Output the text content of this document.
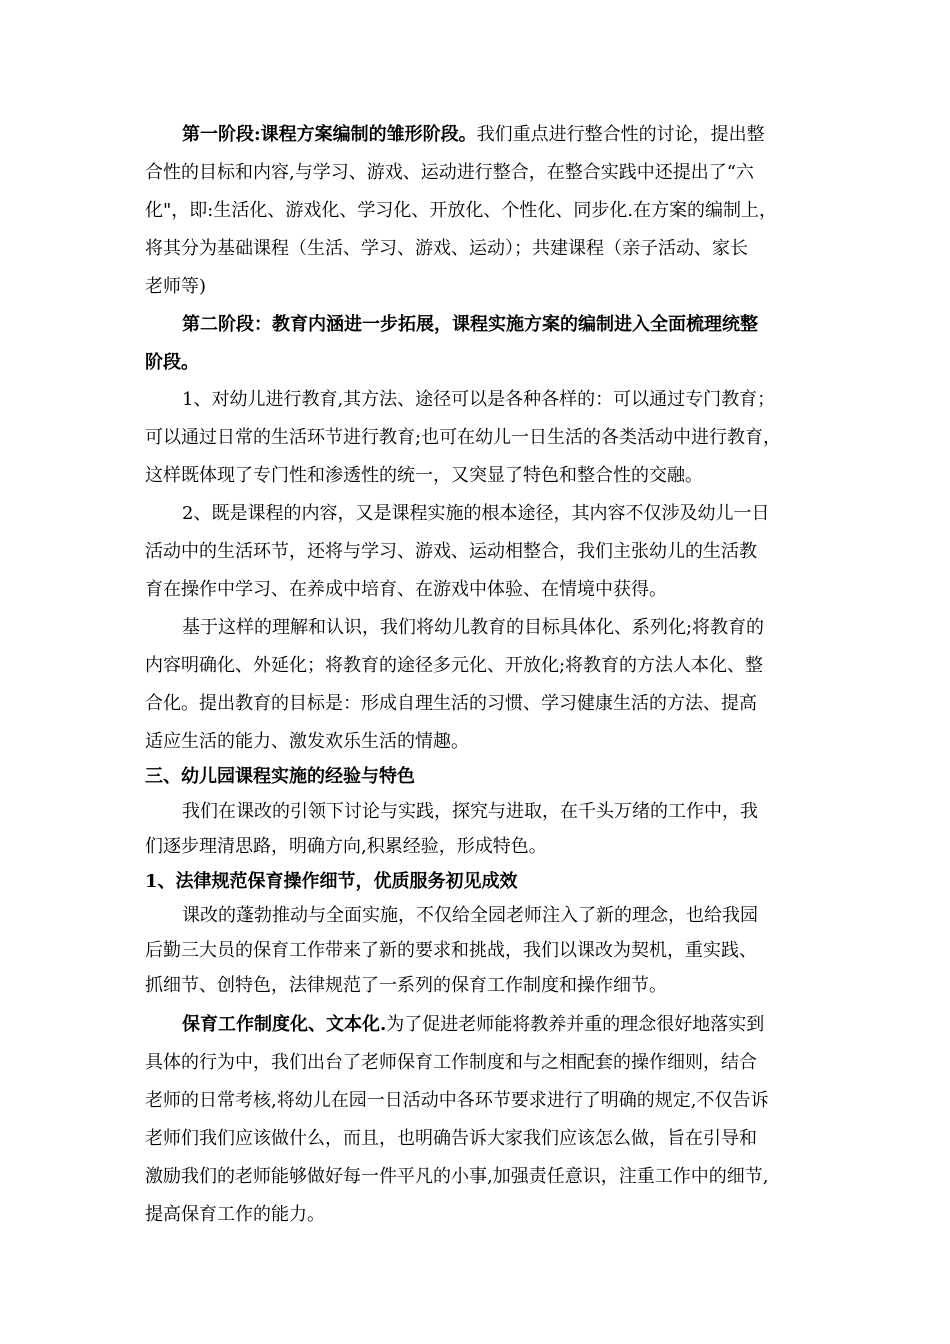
第一阶段:课程方案编制的雏形阶段。我们重点进行整合性的讨论，提出整
合性的目标和内容,与学习、游戏、运动进行整合，在整合实践中还提出了“六
化"，即:生活化、游戏化、学习化、开放化、个性化、同步化.在方案的编制上，
将其分为基础课程（生活、学习、游戏、运动）；共建课程（亲子活动、家长
老师等)
第二阶段：教育内涵进一步拓展，课程实施方案的编制进入全面梳理统整
阶段。
1、对幼儿进行教育,其方法、途径可以是各种各样的：可以通过专门教育；
可以通过日常的生活环节进行教育;也可在幼儿一日生活的各类活动中进行教育，
这样既体现了专门性和渗透性的统一，又突显了特色和整合性的交融。
2、既是课程的内容，又是课程实施的根本途径，其内容不仅涉及幼儿一日
活动中的生活环节，还将与学习、游戏、运动相整合，我们主张幼儿的生活教
育在操作中学习、在养成中培育、在游戏中体验、在情境中获得。
基于这样的理解和认识，我们将幼儿教育的目标具体化、系列化;将教育的
内容明确化、外延化；将教育的途径多元化、开放化;将教育的方法人本化、整
合化。提出教育的目标是：形成自理生活的习惯、学习健康生活的方法、提高
适应生活的能力、激发欢乐生活的情趣。
三、幼儿园课程实施的经验与特色
我们在课改的引领下讨论与实践，探究与进取，在千头万绪的工作中，我
们逐步理清思路，明确方向,积累经验，形成特色。
1、法律规范保育操作细节，优质服务初见成效
课改的蓬勃推动与全面实施，不仅给全园老师注入了新的理念，也给我园
后勤三大员的保育工作带来了新的要求和挑战，我们以课改为契机，重实践、
抓细节、创特色，法律规范了一系列的保育工作制度和操作细节。
保育工作制度化、文本化.为了促进老师能将教养并重的理念很好地落实到
具体的行为中，我们出台了老师保育工作制度和与之相配套的操作细则，结合
老师的日常考核,将幼儿在园一日活动中各环节要求进行了明确的规定,不仅告诉
老师们我们应该做什么，而且，也明确告诉大家我们应该怎么做，旨在引导和
激励我们的老师能够做好每一件平凡的小事,加强责任意识，注重工作中的细节,
提高保育工作的能力。
